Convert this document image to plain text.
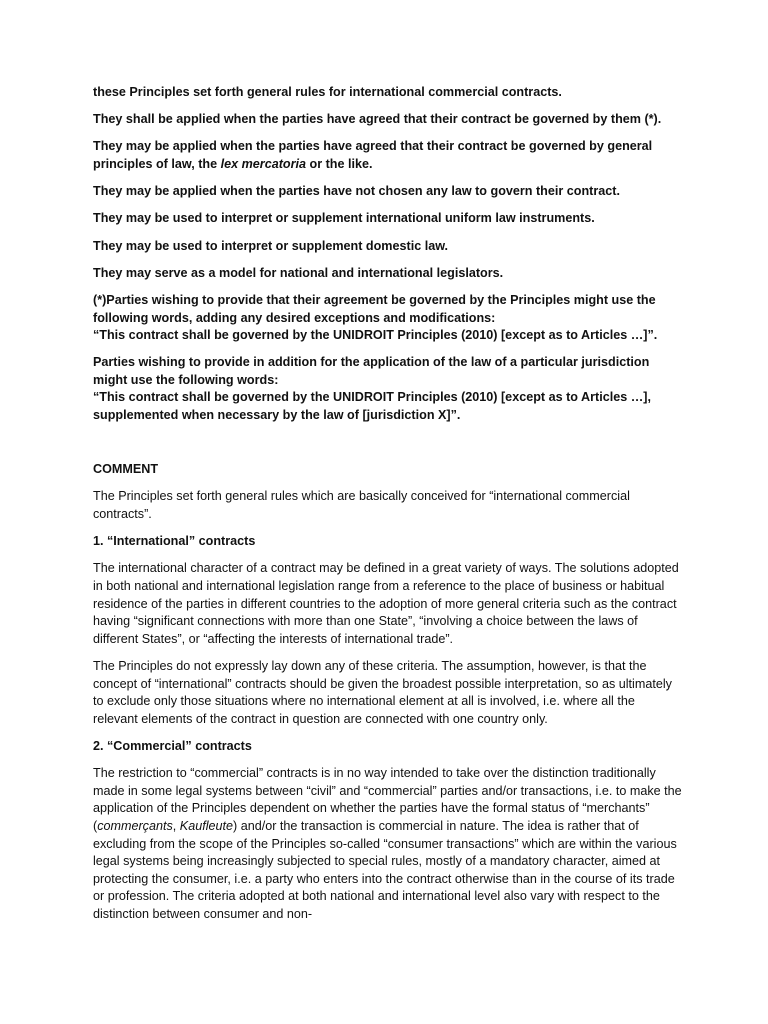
these Principles set forth general rules for international commercial contracts.

They shall be applied when the parties have agreed that their contract be governed by them (*).

They may be applied when the parties have agreed that their contract be governed by general principles of law, the lex mercatoria or the like.

They may be applied when the parties have not chosen any law to govern their contract.

They may be used to interpret or supplement international uniform law instruments.

They may be used to interpret or supplement domestic law.

They may serve as a model for national and international legislators.

(*)Parties wishing to provide that their agreement be governed by the Principles might use the following words, adding any desired exceptions and modifications:
“This contract shall be governed by the UNIDROIT Principles (2010) [except as to Articles …]”.

Parties wishing to provide in addition for the application of the law of a particular jurisdiction might use the following words:
“This contract shall be governed by the UNIDROIT Principles (2010) [except as to Articles …], supplemented when necessary by the law of [jurisdiction X]”.

COMMENT

The Principles set forth general rules which are basically conceived for “international commercial contracts”.

1. “International” contracts

The international character of a contract may be defined in a great variety of ways. The solutions adopted in both national and international legislation range from a reference to the place of business or habitual residence of the parties in different countries to the adoption of more general criteria such as the contract having “significant connections with more than one State”, “involving a choice between the laws of different States”, or “affecting the interests of international trade”.

The Principles do not expressly lay down any of these criteria. The assumption, however, is that the concept of “international” contracts should be given the broadest possible interpretation, so as ultimately to exclude only those situations where no international element at all is involved, i.e. where all the relevant elements of the contract in question are connected with one country only.

2. “Commercial” contracts

The restriction to “commercial” contracts is in no way intended to take over the distinction traditionally made in some legal systems between “civil” and “commercial” parties and/or transactions, i.e. to make the application of the Principles dependent on whether the parties have the formal status of “merchants” (commerçants, Kaufleute) and/or the transaction is commercial in nature. The idea is rather that of excluding from the scope of the Principles so-called “consumer transactions” which are within the various legal systems being increasingly subjected to special rules, mostly of a mandatory character, aimed at protecting the consumer, i.e. a party who enters into the contract otherwise than in the course of its trade or profession. The criteria adopted at both national and international level also vary with respect to the distinction between consumer and non-
